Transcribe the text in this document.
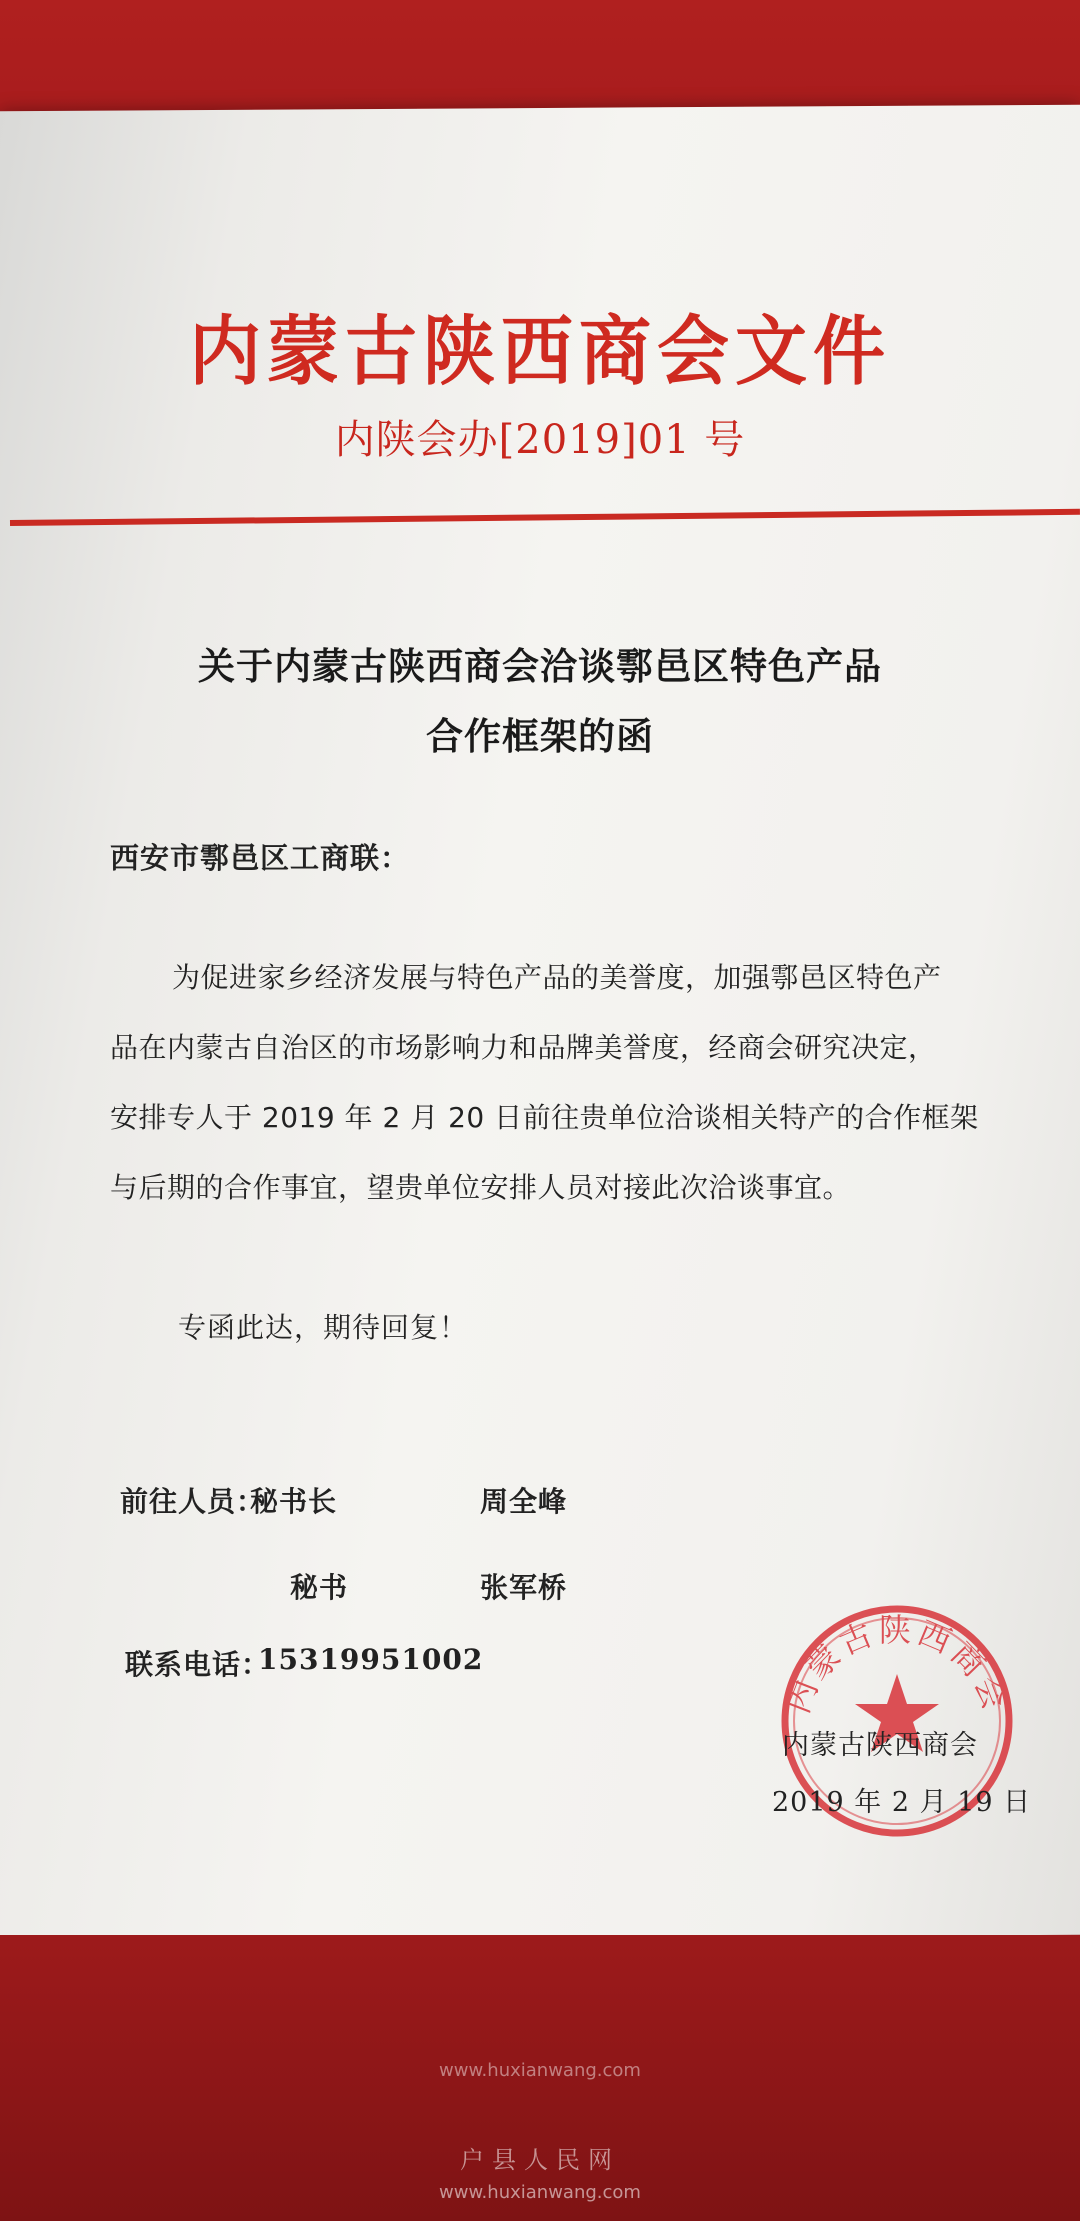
内蒙古陕西商会文件
内陕会办[2019]01 号
关于内蒙古陕西商会洽谈鄠邑区特色产品
合作框架的函
西安市鄠邑区工商联：
为促进家乡经济发展与特色产品的美誉度，加强鄠邑区特色产
品在内蒙古自治区的市场影响力和品牌美誉度，经商会研究决定，
安排专人于 2019 年 2 月 20 日前往贵单位洽谈相关特产的合作框架
与后期的合作事宜，望贵单位安排人员对接此次洽谈事宜。
专函此达，期待回复！
前往人员：
秘书长	周全峰
秘书	张军桥
联系电话：
15319951002
内蒙古陕西商会
内蒙古陕西商会
2019 年 2 月 19 日
www.huxianwang.com
户县人民网
www.huxianwang.com
